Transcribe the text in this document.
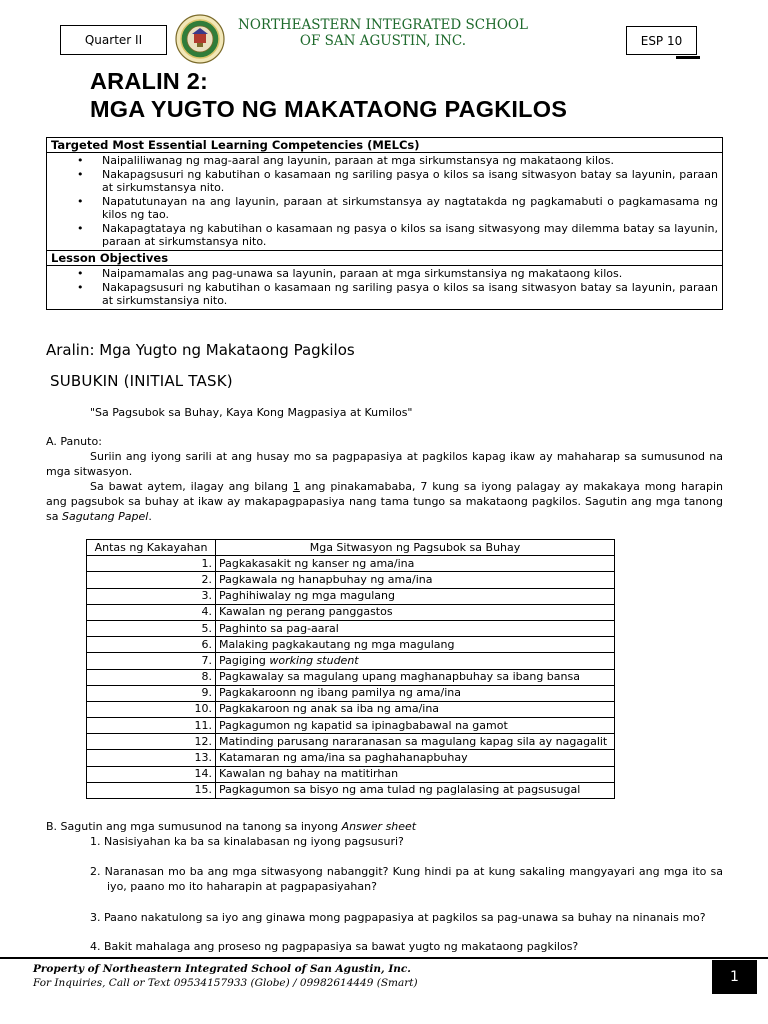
Quarter II
NORTHEASTERN INTEGRATED SCHOOL
OF SAN AGUSTIN, INC.	ESP 10
ARALIN 2:
MGA YUGTO NG MAKATAONG PAGKILOS
Targeted Most Essential Learning Competencies (MELCs)

• Naipaliliwanag ng mag-aaral ang layunin, paraan at mga sirkumstansya ng makataong kilos.
• Nakapagsusuri ng kabutihan o kasamaan ng sariling pasya o kilos sa isang sitwasyon batay sa layunin, paraan at sirkumstansya nito.
• Napatutunayan na ang layunin, paraan at sirkumstansya ay nagtatakda ng pagkamabuti o pagkamasama ng kilos ng tao.
• Nakapagtataya ng kabutihan o kasamaan ng pasya o kilos sa isang sitwasyong may dilemma batay sa layunin, paraan at sirkumstansya nito.

Lesson Objectives

• Naipamamalas ang pag-unawa sa layunin, paraan at mga sirkumstansiya ng makataong kilos.
• Nakapagsusuri ng kabutihan o kasamaan ng sariling pasya o kilos sa isang sitwasyon batay sa layunin, paraan at sirkumstansiya nito.
Aralin: Mga Yugto ng Makataong Pagkilos
SUBUKIN (INITIAL TASK)
"Sa Pagsubok sa Buhay, Kaya Kong Magpasiya at Kumilos"
A. Panuto:
Suriin ang iyong sarili at ang husay mo sa pagpapasiya at pagkilos kapag ikaw ay mahaharap sa sumusunod na mga sitwasyon.
Sa bawat aytem, ilagay ang bilang 1 ang pinakamababa, 7 kung sa iyong palagay ay makakaya mong harapin ang pagsubok sa buhay at ikaw ay makapagpapasiya nang tama tungo sa makataong pagkilos. Sagutin ang mga tanong sa Sagutang Papel.
Antas ng Kakayahan	Mga Sitwasyon ng Pagsubok sa Buhay
1.	Pagkakasakit ng kanser ng ama/ina
2.	Pagkawala ng hanapbuhay ng ama/ina
3.	Paghihiwalay ng mga magulang
4.	Kawalan ng perang panggastos
5.	Paghinto sa pag-aaral
6.	Malaking pagkakautang ng mga magulang
7.	Pagiging working student
8.	Pagkawalay sa magulang upang maghanapbuhay sa ibang bansa
9.	Pagkakaroonn ng ibang pamilya ng ama/ina
10.	Pagkakaroon ng anak sa iba ng ama/ina
11.	Pagkagumon ng kapatid sa ipinagbabawal na gamot
12.	Matinding parusang nararanasan sa magulang kapag sila ay nagagalit
13.	Katamaran ng ama/ina sa paghahanapbuhay
14.	Kawalan ng bahay na matitirhan
15.	Pagkagumon sa bisyo ng ama tulad ng paglalasing at pagsusugal
B. Sagutin ang mga sumusunod na tanong sa inyong Answer sheet
1. Nasisiyahan ka ba sa kinalabasan ng iyong pagsusuri?
2. Naranasan mo ba ang mga sitwasyong nabanggit? Kung hindi pa at kung sakaling mangyayari ang mga ito sa iyo, paano mo ito haharapin at pagpapasiyahan?
3. Paano nakatulong sa iyo ang ginawa mong pagpapasiya at pagkilos sa pag-unawa sa buhay na ninanais mo?
4. Bakit mahalaga ang proseso ng pagpapasiya sa bawat yugto ng makataong pagkilos?
Property of Northeastern Integrated School of San Agustin, Inc.
For Inquiries, Call or Text 09534157933 (Globe) / 09982614449 (Smart)	1
